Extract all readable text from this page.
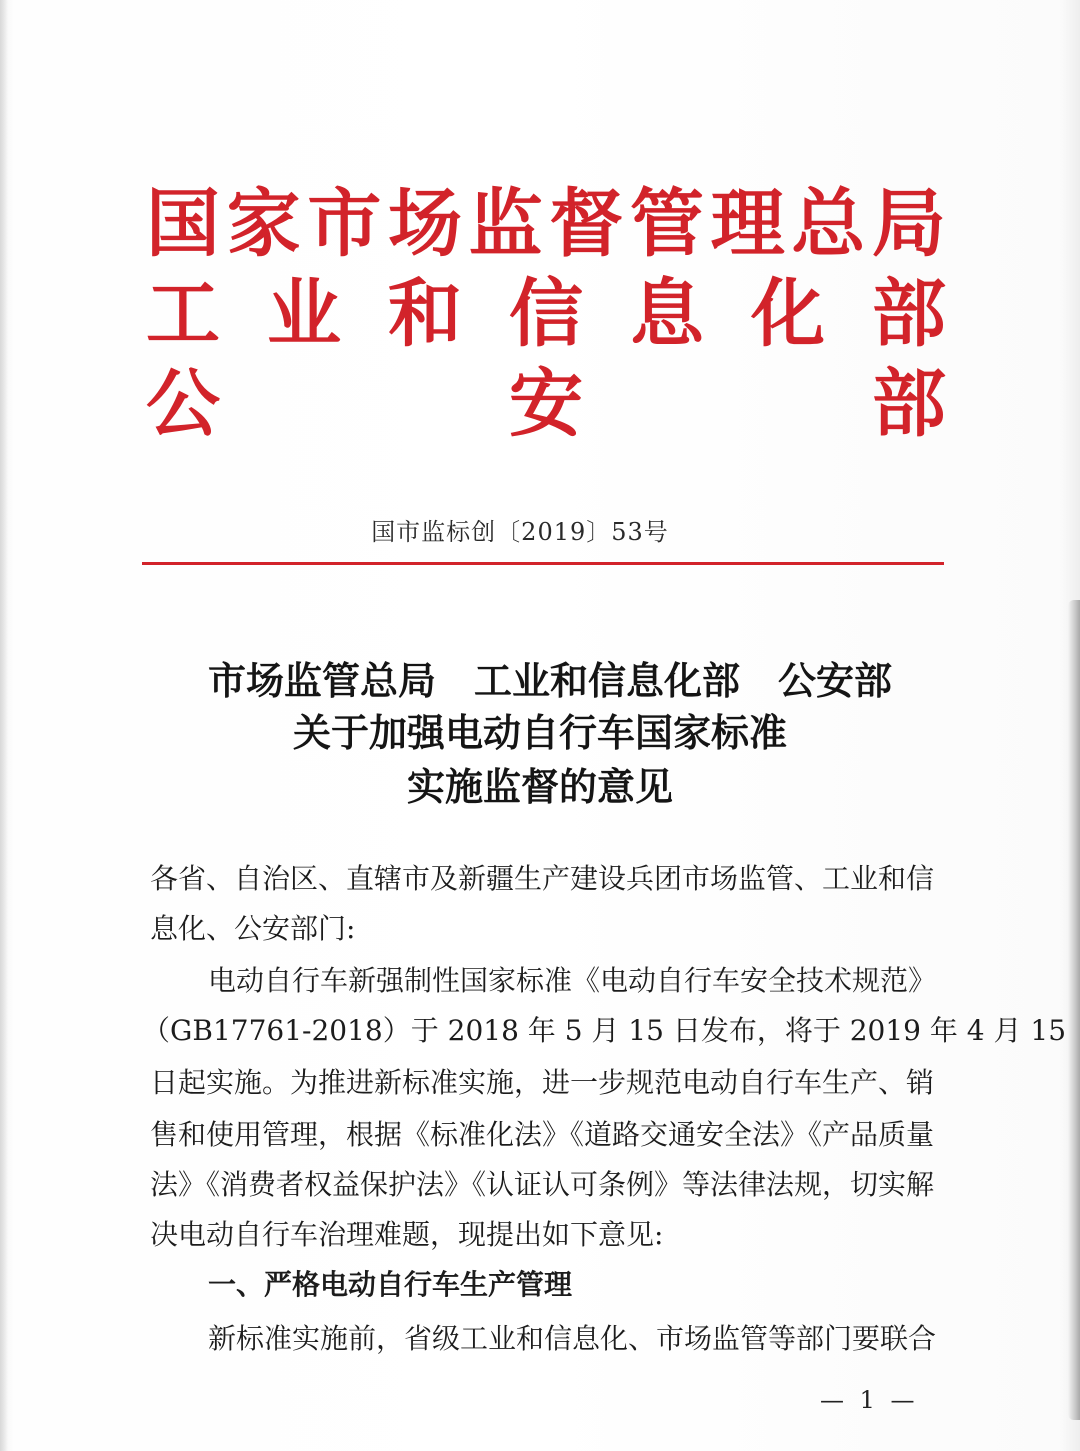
国 家 市 场 监 督 管 理 总 局
工 业 和 信 息 化 部
公	安	部
国市监标创〔2019〕53号
市场监管总局　工业和信息化部　公安部
关于加强电动自行车国家标准
实施监督的意见
各省、自治区、直辖市及新疆生产建设兵团市场监管、工业和信
息化、公安部门:
电动自行车新强制性国家标准《电动自行车安全技术规范》
（GB17761-2018）于 2018 年 5 月 15 日发布，将于 2019 年 4 月 15
日起实施。为推进新标准实施，进一步规范电动自行车生产、销
售和使用管理，根据《标准化法》《道路交通安全法》《产品质量
法》《消费者权益保护法》《认证认可条例》等法律法规，切实解
决电动自行车治理难题，现提出如下意见:
一、严格电动自行车生产管理
新标准实施前，省级工业和信息化、市场监管等部门要联合
— 1 —
